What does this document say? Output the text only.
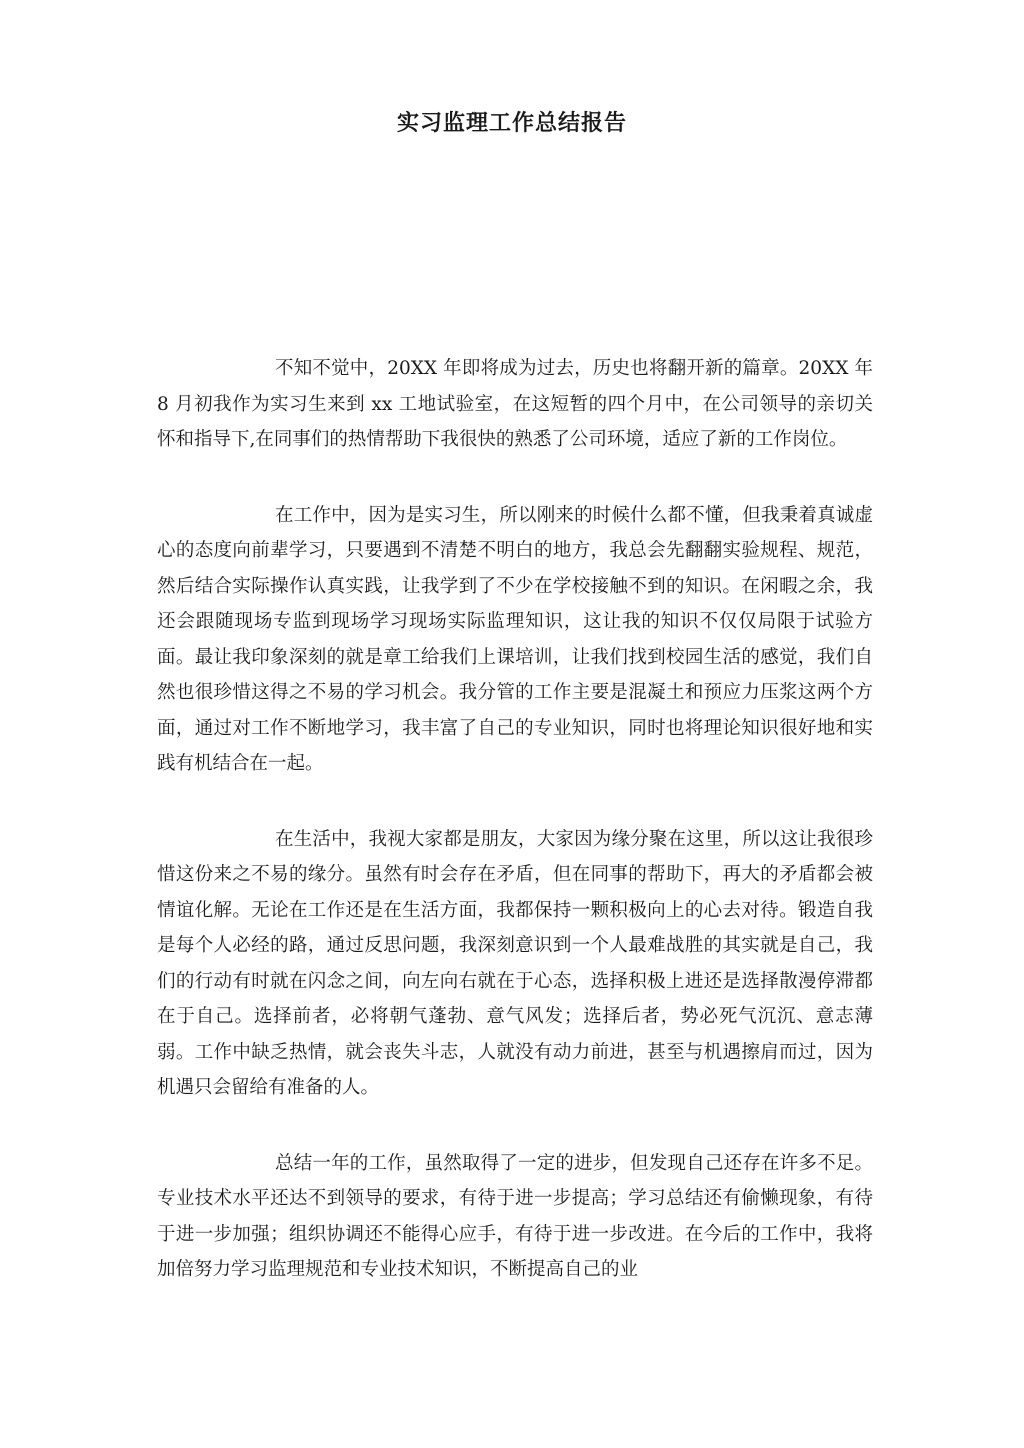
实习监理工作总结报告

不知不觉中，20XX 年即将成为过去，历史也将翻开新的篇章。20XX 年 8 月初我作为实习生来到 xx 工地试验室，在这短暂的四个月中，在公司领导的亲切关怀和指导下,在同事们的热情帮助下我很快的熟悉了公司环境，适应了新的工作岗位。

在工作中，因为是实习生，所以刚来的时候什么都不懂，但我秉着真诚虚心的态度向前辈学习，只要遇到不清楚不明白的地方，我总会先翻翻实验规程、规范，然后结合实际操作认真实践，让我学到了不少在学校接触不到的知识。在闲暇之余，我还会跟随现场专监到现场学习现场实际监理知识，这让我的知识不仅仅局限于试验方面。最让我印象深刻的就是章工给我们上课培训，让我们找到校园生活的感觉，我们自然也很珍惜这得之不易的学习机会。我分管的工作主要是混凝土和预应力压浆这两个方面，通过对工作不断地学习，我丰富了自己的专业知识，同时也将理论知识很好地和实践有机结合在一起。

在生活中，我视大家都是朋友，大家因为缘分聚在这里，所以这让我很珍惜这份来之不易的缘分。虽然有时会存在矛盾，但在同事的帮助下，再大的矛盾都会被情谊化解。无论在工作还是在生活方面，我都保持一颗积极向上的心去对待。锻造自我是每个人必经的路，通过反思问题，我深刻意识到一个人最难战胜的其实就是自己，我们的行动有时就在闪念之间，向左向右就在于心态，选择积极上进还是选择散漫停滞都在于自己。选择前者，必将朝气蓬勃、意气风发；选择后者，势必死气沉沉、意志薄弱。工作中缺乏热情，就会丧失斗志，人就没有动力前进，甚至与机遇擦肩而过，因为机遇只会留给有准备的人。

总结一年的工作，虽然取得了一定的进步，但发现自己还存在许多不足。专业技术水平还达不到领导的要求，有待于进一步提高；学习总结还有偷懒现象，有待于进一步加强；组织协调还不能得心应手，有待于进一步改进。在今后的工作中，我将加倍努力学习监理规范和专业技术知识，不断提高自己的业
